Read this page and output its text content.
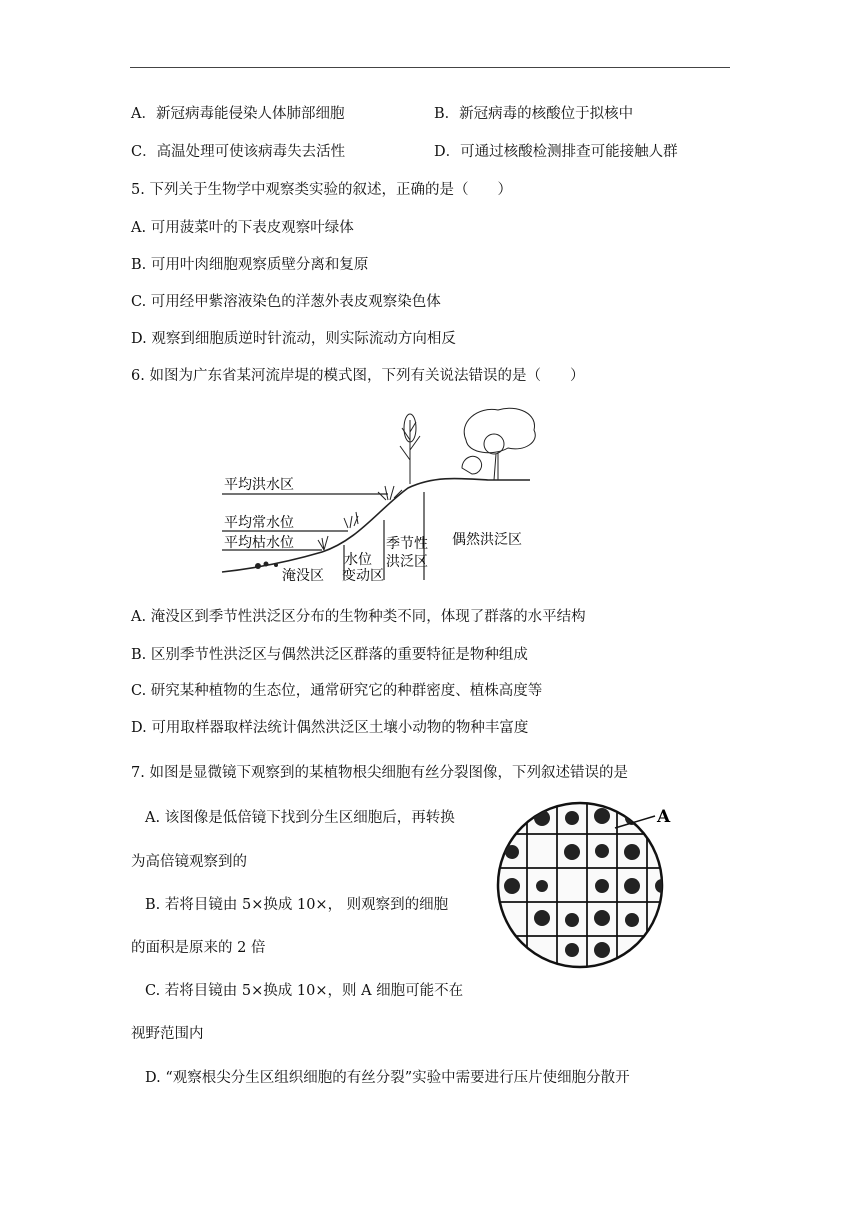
A．新冠病毒能侵染人体肺部细胞	B．新冠病毒的核酸位于拟核中
C．高温处理可使该病毒失去活性	D．可通过核酸检测排查可能接触人群
5. 下列关于生物学中观察类实验的叙述，正确的是（　　）
A. 可用菠菜叶的下表皮观察叶绿体
B. 可用叶肉细胞观察质壁分离和复原
C. 可用经甲紫溶液染色的洋葱外表皮观察染色体
D. 观察到细胞质逆时针流动，则实际流动方向相反
6. 如图为广东省某河流岸堤的模式图，下列有关说法错误的是（　　）
平均洪水区
平均常水位
平均枯水位
淹没区
水位
变动区
季节性
洪泛区
偶然洪泛区
A. 淹没区到季节性洪泛区分布的生物种类不同，体现了群落的水平结构
B. 区别季节性洪泛区与偶然洪泛区群落的重要特征是物种组成
C. 研究某种植物的生态位，通常研究它的种群密度、植株高度等
D. 可用取样器取样法统计偶然洪泛区土壤小动物的物种丰富度
7. 如图是显微镜下观察到的某植物根尖细胞有丝分裂图像，下列叙述错误的是
A. 该图像是低倍镜下找到分生区细胞后，再转换
为高倍镜观察到的
B. 若将目镜由 5×换成 10×， 则观察到的细胞
的面积是原来的 2 倍
C. 若将目镜由 5×换成 10×，则 A 细胞可能不在
视野范围内
D. “观察根尖分生区组织细胞的有丝分裂”实验中需要进行压片使细胞分散开
A
